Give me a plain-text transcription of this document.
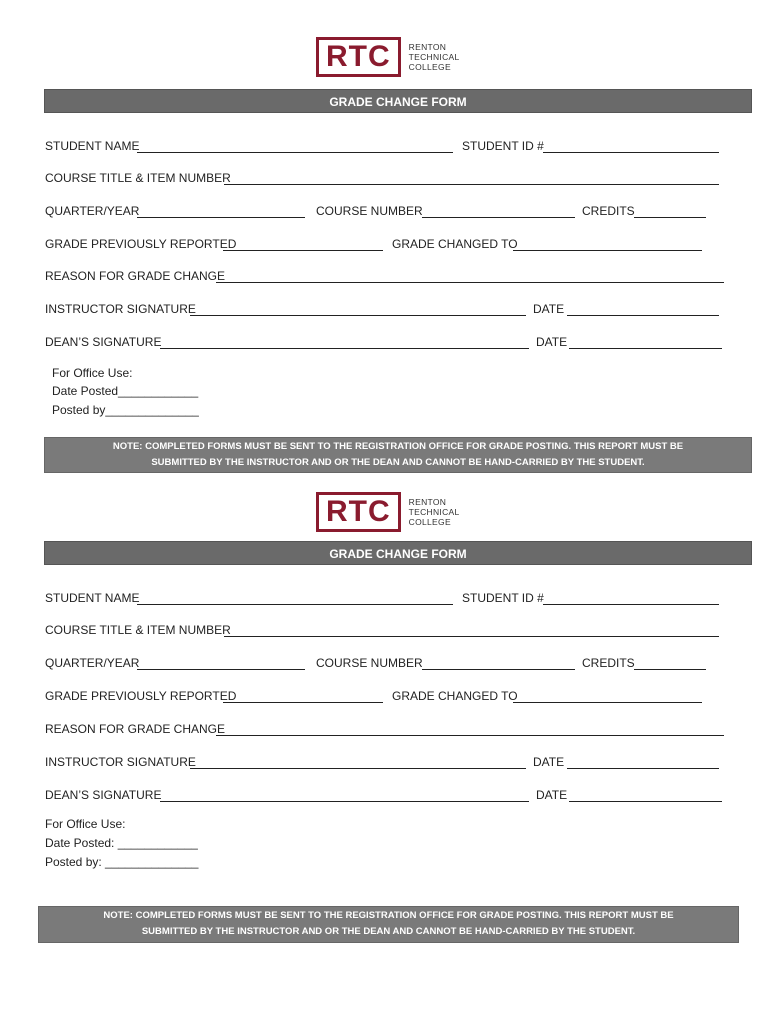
RTC	RENTON
TECHNICAL
COLLEGE
GRADE CHANGE FORM
STUDENT NAME	STUDENT ID #
COURSE TITLE & ITEM NUMBER
QUARTER/YEAR	COURSE NUMBER	CREDITS
GRADE PREVIOUSLY REPORTED	GRADE CHANGED TO
REASON FOR GRADE CHANGE
INSTRUCTOR SIGNATURE	DATE
DEAN’S SIGNATURE	DATE
For Office Use:
Date Posted____________
Posted by______________
NOTE: COMPLETED FORMS MUST BE SENT TO THE REGISTRATION OFFICE FOR GRADE POSTING. THIS REPORT MUST BE
SUBMITTED BY THE INSTRUCTOR AND OR THE DEAN AND CANNOT BE HAND-CARRIED BY THE STUDENT.
RTC	RENTON
TECHNICAL
COLLEGE
GRADE CHANGE FORM
STUDENT NAME	STUDENT ID #
COURSE TITLE & ITEM NUMBER
QUARTER/YEAR	COURSE NUMBER	CREDITS
GRADE PREVIOUSLY REPORTED	GRADE CHANGED TO
REASON FOR GRADE CHANGE
INSTRUCTOR SIGNATURE	DATE
DEAN’S SIGNATURE	DATE
For Office Use:
Date Posted: ____________
Posted by: ______________
NOTE: COMPLETED FORMS MUST BE SENT TO THE REGISTRATION OFFICE FOR GRADE POSTING. THIS REPORT MUST BE
SUBMITTED BY THE INSTRUCTOR AND OR THE DEAN AND CANNOT BE HAND-CARRIED BY THE STUDENT.
